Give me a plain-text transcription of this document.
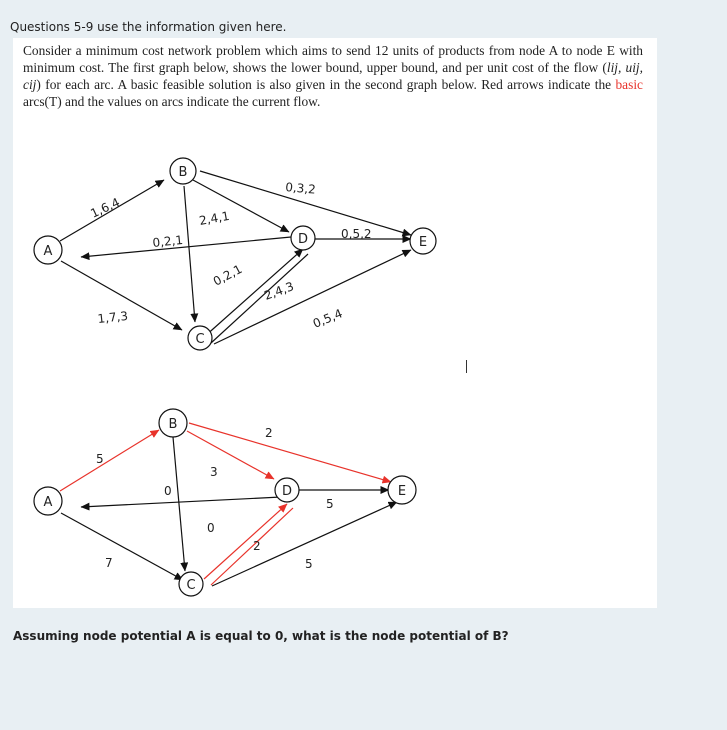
Questions 5-9 use the information given here.
Consider a minimum cost network problem which aims to send 12 units of products from node A to node E with minimum cost. The first graph below, shows the lower bound, upper bound, and per unit cost of the flow (lij, uij, cij) for each arc. A basic feasible solution is also given in the second graph below. Red arrows indicate the basic arcs(T) and the values on arcs indicate the current flow.
A
B
C
D	E
1,6,4
0,2,1
2,4,1
0,3,2
1,7,3
0,2,1
2,4,3
0,5,2
0,5,4
A
B
C
D	E
5
0
3
2
7
0
2
5
5
Assuming node potential A is equal to 0, what is the node potential of B?
